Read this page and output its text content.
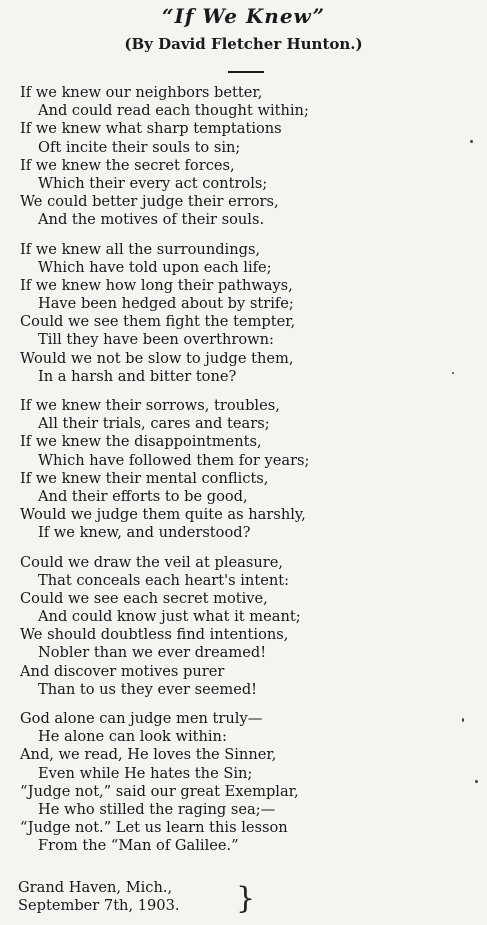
“If We Knew”
(By David Fletcher Hunton.)
If we knew our neighbors better,
And could read each thought within;
If we knew what sharp temptations
Oft incite their souls to sin;
If we knew the secret forces,
Which their every act controls;
We could better judge their errors,
And the motives of their souls.
If we knew all the surroundings,
Which have told upon each life;
If we knew how long their pathways,
Have been hedged about by strife;
Could we see them fight the tempter,
Till they have been overthrown:
Would we not be slow to judge them,
In a harsh and bitter tone?
If we knew their sorrows, troubles,
All their trials, cares and tears;
If we knew the disappointments,
Which have followed them for years;
If we knew their mental conflicts,
And their efforts to be good,
Would we judge them quite as harshly,
If we knew, and understood?
Could we draw the veil at pleasure,
That conceals each heart's intent:
Could we see each secret motive,
And could know just what it meant;
We should doubtless find intentions,
Nobler than we ever dreamed!
And discover motives purer
Than to us they ever seemed!
God alone can judge men truly—
He alone can look within:
And, we read, He loves the Sinner,
Even while He hates the Sin;
“Judge not,” said our great Exemplar,
He who stilled the raging sea;—
“Judge not.” Let us learn this lesson
From the “Man of Galilee.”
Grand Haven, Mich.,
September 7th, 1903. }
